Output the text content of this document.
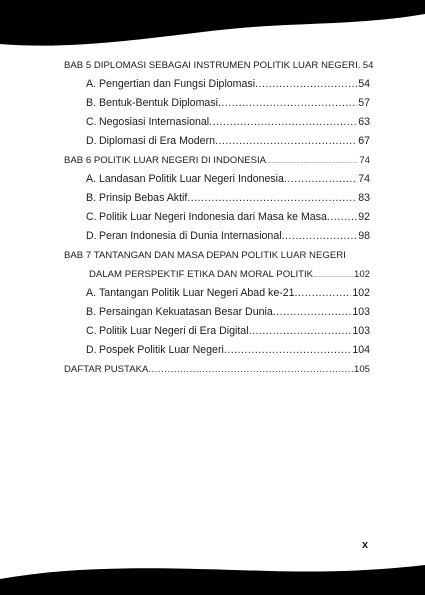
BAB 5 DIPLOMASI SEBAGAI INSTRUMEN POLITIK LUAR NEGERI ..... 54
A. Pengertian dan Fungsi Diplomasi .....	54
B. Bentuk-Bentuk Diplomasi .....	57
C. Negosiasi Internasional .....	63
D. Diplomasi di Era Modern .....	67
BAB 6 POLITIK LUAR NEGERI DI INDONESIA .....	74
A. Landasan Politik Luar Negeri Indonesia .....	74
B. Prinsip Bebas Aktif .....	83
C. Politik Luar Negeri Indonesia dari Masa ke Masa .....	92
D. Peran Indonesia di Dunia Internasional .....	98
BAB 7 TANTANGAN DAN MASA DEPAN POLITIK LUAR NEGERI
DALAM PERSPEKTIF ETIKA DAN MORAL POLITIK .....	102
A. Tantangan Politik Luar Negeri Abad ke-21 .....	102
B. Persaingan Kekuatasan Besar Dunia .....	103
C. Politik Luar Negeri di Era Digital .....	103
D. Pospek Politik Luar Negeri .....	104
DAFTAR PUSTAKA .....	105
x
